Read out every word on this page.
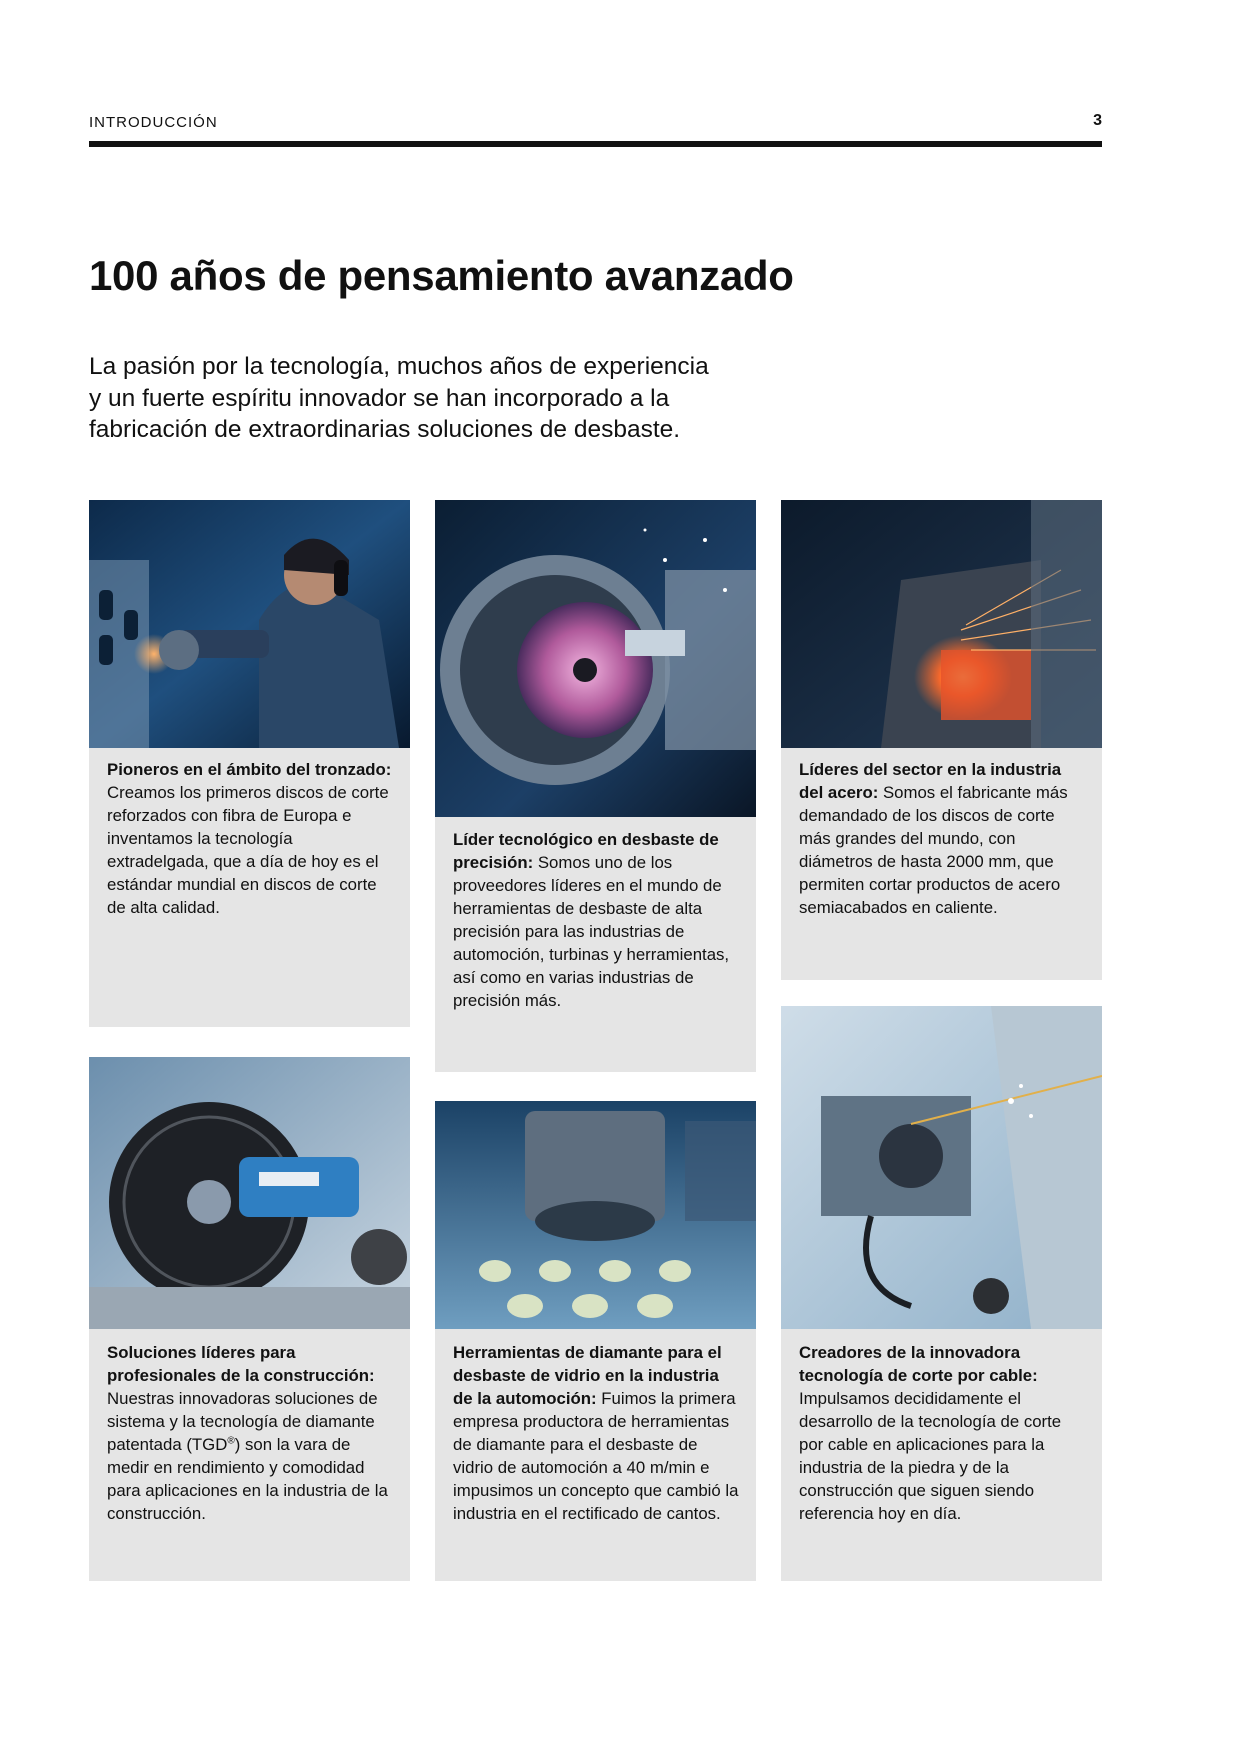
INTRODUCCIÓN	3
100 años de pensamiento avanzado

La pasión por la tecnología, muchos años de experiencia
y un fuerte espíritu innovador se han incorporado a la
fabricación de extraordinarias soluciones de desbaste.

Pioneros en el ámbito del tronzado: Creamos los primeros discos de corte reforzados con fibra de Europa e inventamos la tecnología extradelgada, que a día de hoy es el estándar mundial en discos de corte de alta calidad.

Líder tecnológico en desbaste de precisión: Somos uno de los proveedores líderes en el mundo de herramientas de desbaste de alta precisión para las industrias de automoción, turbinas y herramientas, así como en varias industrias de precisión más.

Líderes del sector en la industria del acero: Somos el fabricante más demandado de los discos de corte más grandes del mundo, con diámetros de hasta 2000 mm, que permiten cortar productos de acero semiacabados en caliente.

Soluciones líderes para profesionales de la construcción: Nuestras innovadoras soluciones de sistema y la tecnología de diamante patentada (TGD®) son la vara de medir en rendimiento y comodidad para aplicaciones en la industria de la construcción.

Herramientas de diamante para el desbaste de vidrio en la industria de la automoción: Fuimos la primera empresa productora de herramientas de diamante para el desbaste de vidrio de automoción a 40 m/min e impusimos un concepto que cambió la industria en el rectificado de cantos.

Creadores de la innovadora tecnología de corte por cable: Impulsamos decididamente el desarrollo de la tecnología de corte por cable en aplicaciones para la industria de la piedra y de la construcción que siguen siendo referencia hoy en día.
